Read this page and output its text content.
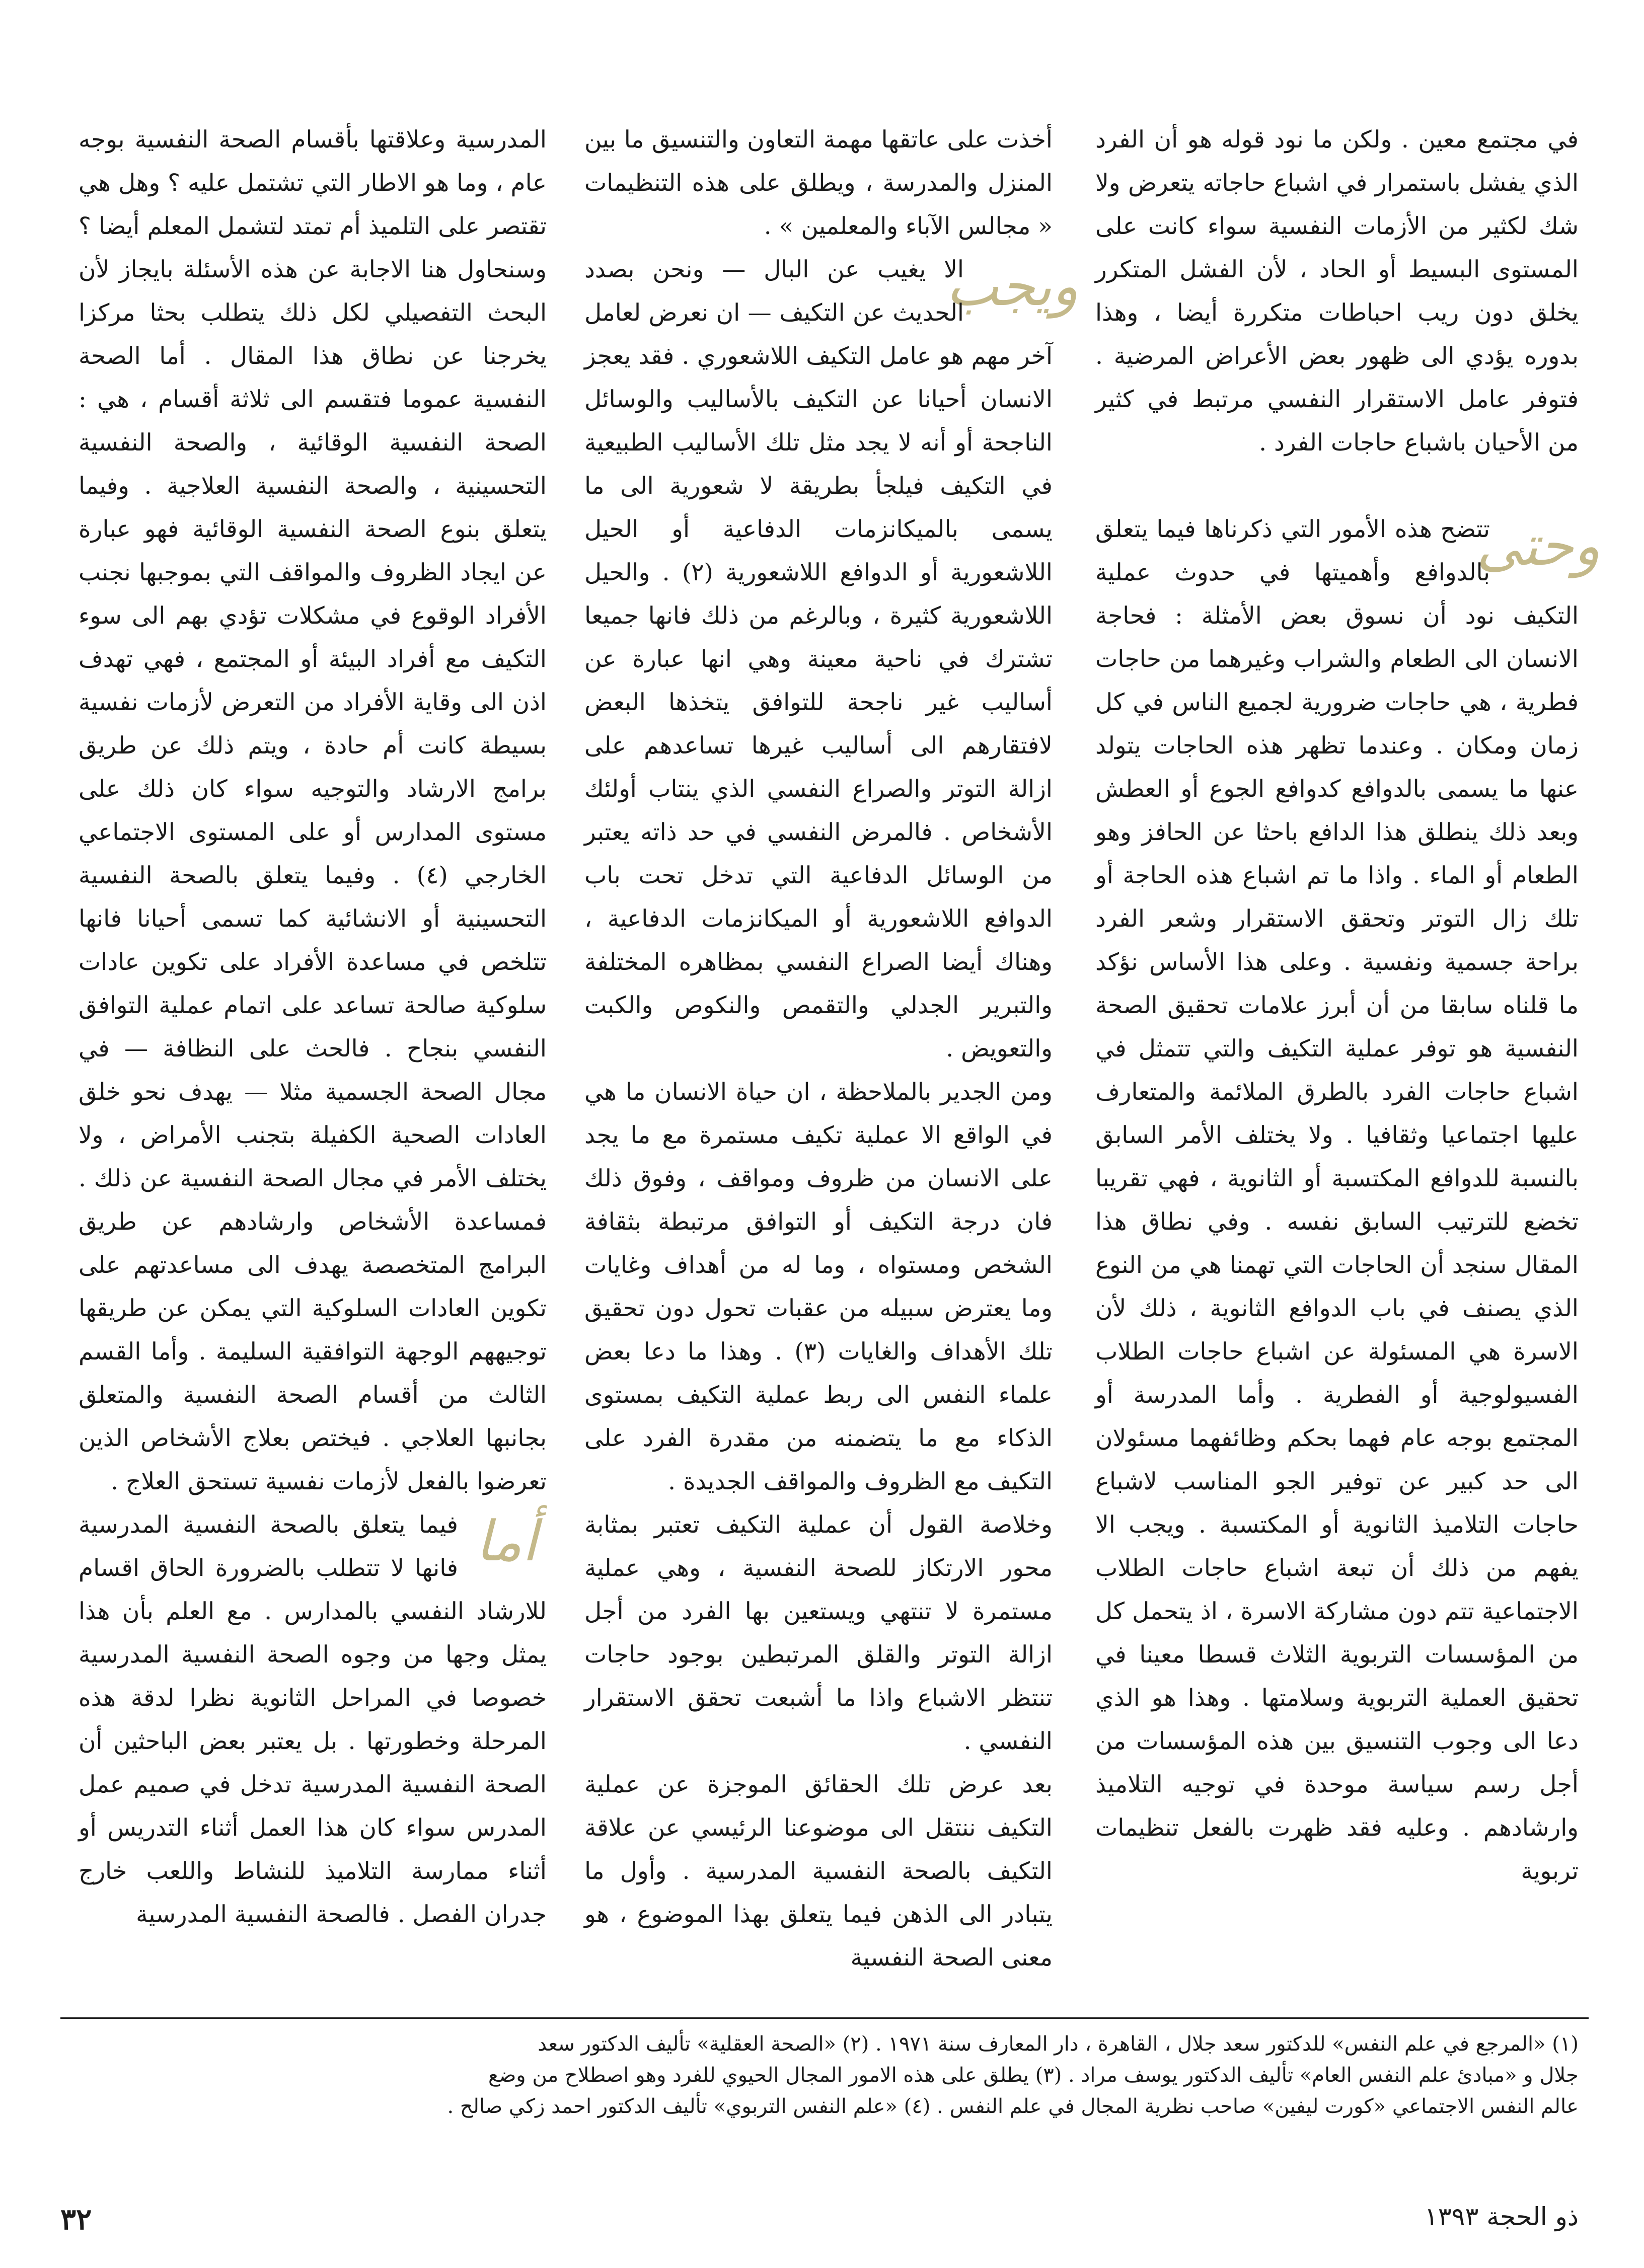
في مجتمع معين . ولكن ما نود قوله هو أن الفرد الذي يفشل باستمرار في اشباع حاجاته يتعرض ولا شك لكثير من الأزمات النفسية سواء كانت على المستوى البسيط أو الحاد ، لأن الفشل المتكرر يخلق دون ريب احباطات متكررة أيضا ، وهذا بدوره يؤدي الى ظهور بعض الأعراض المرضية . فتوفر عامل الاستقرار النفسي مرتبط في كثير من الأحيان باشباع حاجات الفرد .

وحتى

تتضح هذه الأمور التي ذكرناها فيما يتعلق بالدوافع وأهميتها في حدوث عملية التكيف نود أن نسوق بعض الأمثلة : فحاجة الانسان الى الطعام والشراب وغيرهما من حاجات فطرية ، هي حاجات ضرورية لجميع الناس في كل زمان ومكان . وعندما تظهر هذه الحاجات يتولد عنها ما يسمى بالدوافع كدوافع الجوع أو العطش وبعد ذلك ينطلق هذا الدافع باحثا عن الحافز وهو الطعام أو الماء . واذا ما تم اشباع هذه الحاجة أو تلك زال التوتر وتحقق الاستقرار وشعر الفرد براحة جسمية ونفسية . وعلى هذا الأساس نؤكد ما قلناه سابقا من أن أبرز علامات تحقيق الصحة النفسية هو توفر عملية التكيف والتي تتمثل في اشباع حاجات الفرد بالطرق الملائمة والمتعارف عليها اجتماعيا وثقافيا . ولا يختلف الأمر السابق بالنسبة للدوافع المكتسبة أو الثانوية ، فهي تقريبا تخضع للترتيب السابق نفسه . وفي نطاق هذا المقال سنجد أن الحاجات التي تهمنا هي من النوع الذي يصنف في باب الدوافع الثانوية ، ذلك لأن الاسرة هي المسئولة عن اشباع حاجات الطلاب الفسيولوجية أو الفطرية . وأما المدرسة أو المجتمع بوجه عام فهما بحكم وظائفهما مسئولان الى حد كبير عن توفير الجو المناسب لاشباع حاجات التلاميذ الثانوية أو المكتسبة . ويجب الا يفهم من ذلك أن تبعة اشباع حاجات الطلاب الاجتماعية تتم دون مشاركة الاسرة ، اذ يتحمل كل من المؤسسات التربوية الثلاث قسطا معينا في تحقيق العملية التربوية وسلامتها . وهذا هو الذي دعا الى وجوب التنسيق بين هذه المؤسسات من أجل رسم سياسة موحدة في توجيه التلاميذ وارشادهم . وعليه فقد ظهرت بالفعل تنظيمات تربوية

أخذت على عاتقها مهمة التعاون والتنسيق ما بين المنزل والمدرسة ، ويطلق على هذه التنظيمات « مجالس الآباء والمعلمين » .

ويجب

الا يغيب عن البال — ونحن بصدد الحديث عن التكيف — ان نعرض لعامل آخر مهم هو عامل التكيف اللاشعوري . فقد يعجز الانسان أحيانا عن التكيف بالأساليب والوسائل الناجحة أو أنه لا يجد مثل تلك الأساليب الطبيعية في التكيف فيلجأ بطريقة لا شعورية الى ما يسمى بالميكانزمات الدفاعية أو الحيل اللاشعورية أو الدوافع اللاشعورية (٢) . والحيل اللاشعورية كثيرة ، وبالرغم من ذلك فانها جميعا تشترك في ناحية معينة وهي انها عبارة عن أساليب غير ناجحة للتوافق يتخذها البعض لافتقارهم الى أساليب غيرها تساعدهم على ازالة التوتر والصراع النفسي الذي ينتاب أولئك الأشخاص . فالمرض النفسي في حد ذاته يعتبر من الوسائل الدفاعية التي تدخل تحت باب الدوافع اللاشعورية أو الميكانزمات الدفاعية ، وهناك أيضا الصراع النفسي بمظاهره المختلفة والتبرير الجدلي والتقمص والنكوص والكبت والتعويض .

ومن الجدير بالملاحظة ، ان حياة الانسان ما هي في الواقع الا عملية تكيف مستمرة مع ما يجد على الانسان من ظروف ومواقف ، وفوق ذلك فان درجة التكيف أو التوافق مرتبطة بثقافة الشخص ومستواه ، وما له من أهداف وغايات وما يعترض سبيله من عقبات تحول دون تحقيق تلك الأهداف والغايات (٣) . وهذا ما دعا بعض علماء النفس الى ربط عملية التكيف بمستوى الذكاء مع ما يتضمنه من مقدرة الفرد على التكيف مع الظروف والمواقف الجديدة .

وخلاصة القول أن عملية التكيف تعتبر بمثابة محور الارتكاز للصحة النفسية ، وهي عملية مستمرة لا تنتهي ويستعين بها الفرد من أجل ازالة التوتر والقلق المرتبطين بوجود حاجات تنتظر الاشباع واذا ما أشبعت تحقق الاستقرار النفسي .

بعد عرض تلك الحقائق الموجزة عن عملية التكيف ننتقل الى موضوعنا الرئيسي عن علاقة التكيف بالصحة النفسية المدرسية . وأول ما يتبادر الى الذهن فيما يتعلق بهذا الموضوع ، هو معنى الصحة النفسية

المدرسية وعلاقتها بأقسام الصحة النفسية بوجه عام ، وما هو الاطار التي تشتمل عليه ؟ وهل هي تقتصر على التلميذ أم تمتد لتشمل المعلم أيضا ؟ وسنحاول هنا الاجابة عن هذه الأسئلة بايجاز لأن البحث التفصيلي لكل ذلك يتطلب بحثا مركزا يخرجنا عن نطاق هذا المقال . أما الصحة النفسية عموما فتقسم الى ثلاثة أقسام ، هي : الصحة النفسية الوقائية ، والصحة النفسية التحسينية ، والصحة النفسية العلاجية . وفيما يتعلق بنوع الصحة النفسية الوقائية فهو عبارة عن ايجاد الظروف والمواقف التي بموجبها نجنب الأفراد الوقوع في مشكلات تؤدي بهم الى سوء التكيف مع أفراد البيئة أو المجتمع ، فهي تهدف اذن الى وقاية الأفراد من التعرض لأزمات نفسية بسيطة كانت أم حادة ، ويتم ذلك عن طريق برامج الارشاد والتوجيه سواء كان ذلك على مستوى المدارس أو على المستوى الاجتماعي الخارجي (٤) . وفيما يتعلق بالصحة النفسية التحسينية أو الانشائية كما تسمى أحيانا فانها تتلخص في مساعدة الأفراد على تكوين عادات سلوكية صالحة تساعد على اتمام عملية التوافق النفسي بنجاح . فالحث على النظافة — في مجال الصحة الجسمية مثلا — يهدف نحو خلق العادات الصحية الكفيلة بتجنب الأمراض ، ولا يختلف الأمر في مجال الصحة النفسية عن ذلك . فمساعدة الأشخاص وارشادهم عن طريق البرامج المتخصصة يهدف الى مساعدتهم على تكوين العادات السلوكية التي يمكن عن طريقها توجيههم الوجهة التوافقية السليمة . وأما القسم الثالث من أقسام الصحة النفسية والمتعلق بجانبها العلاجي . فيختص بعلاج الأشخاص الذين تعرضوا بالفعل لأزمات نفسية تستحق العلاج .

أما

فيما يتعلق بالصحة النفسية المدرسية فانها لا تتطلب بالضرورة الحاق اقسام للارشاد النفسي بالمدارس . مع العلم بأن هذا يمثل وجها من وجوه الصحة النفسية المدرسية خصوصا في المراحل الثانوية نظرا لدقة هذه المرحلة وخطورتها . بل يعتبر بعض الباحثين أن الصحة النفسية المدرسية تدخل في صميم عمل المدرس سواء كان هذا العمل أثناء التدريس أو أثناء ممارسة التلاميذ للنشاط واللعب خارج جدران الفصل . فالصحة النفسية المدرسية

(١) «المرجع في علم النفس» للدكتور سعد جلال ، القاهرة ، دار المعارف سنة ١٩٧١ . (٢) «الصحة العقلية» تأليف الدكتور سعد

جلال و «مبادئ علم النفس العام» تأليف الدكتور يوسف مراد . (٣) يطلق على هذه الامور المجال الحيوي للفرد وهو اصطلاح من وضع

عالم النفس الاجتماعي «كورت ليفين» صاحب نظرية المجال في علم النفس . (٤) «علم النفس التربوي» تأليف الدكتور احمد زكي صالح .

٣٢	ذو الحجة ١٣٩٣
